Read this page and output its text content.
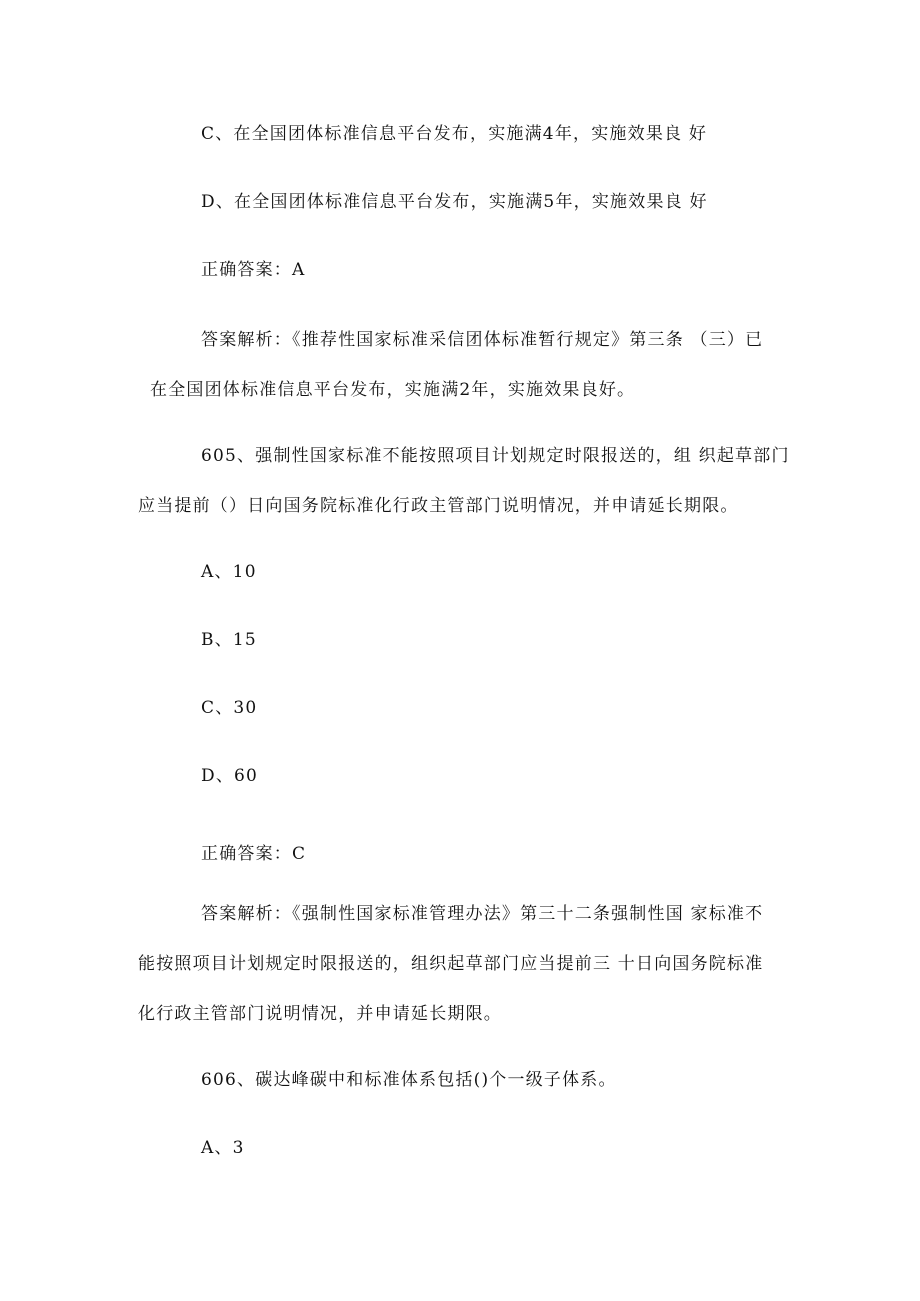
C、在全国团体标准信息平台发布，实施满4年，实施效果良 好
D、在全国团体标准信息平台发布，实施满5年，实施效果良 好
正确答案：A
答案解析：《推荐性国家标准采信团体标准暂行规定》第三条 （三）已
在全国团体标准信息平台发布，实施满2年，实施效果良好。
605、强制性国家标准不能按照项目计划规定时限报送的，组 织起草部门
应当提前（）日向国务院标准化行政主管部门说明情况，并申请延长期限。
A、10
B、15
C、30
D、60
正确答案：C
答案解析：《强制性国家标准管理办法》第三十二条强制性国 家标准不
能按照项目计划规定时限报送的，组织起草部门应当提前三 十日向国务院标准
化行政主管部门说明情况，并申请延长期限。
606、碳达峰碳中和标准体系包括()个一级子体系。
A、3
